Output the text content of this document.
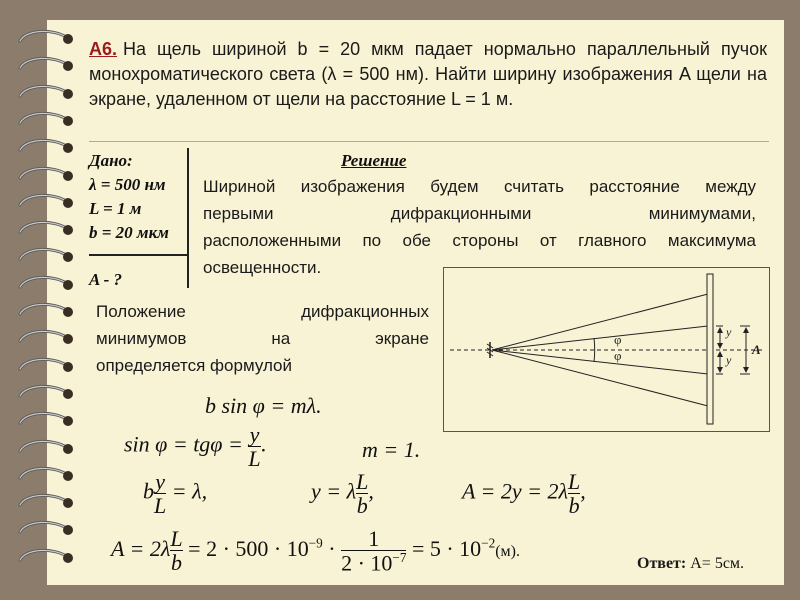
А6. На щель шириной b = 20 мкм падает нормально параллельный пучок монохроматического света (λ = 500 нм). Найти ширину изображения A щели на экране, удаленном от щели на расстояние L = 1 м.
Дано:
λ = 500 нм
L = 1 м
b = 20 мкм
A - ?
Решение
Шириной изображения будем считать расстояние между
первыми дифракционными минимумами,
расположенными по обе стороны от главного максимума
освещенности.
Положение дифракционных
минимумов на экране
определяется формулой
φ
φ
y
y
A
b sin φ = mλ.
$\sin \varphi = tg\varphi = \frac{y}{L}$ .	m = 1.
b $\frac{y}{L} = \lambda$,	y = λ $\frac{L}{b}$ ,	$A = 2y = 2\lambda \frac{L}{b}$ ,
$A = 2\lambda \frac{L}{b} = 2 \cdot 500 \cdot 10^{-9} \cdot \frac{1}{2 \cdot 10^{-7}} = 5 \cdot 10^{-2}(м)$.
Ответ: А= 5см.
